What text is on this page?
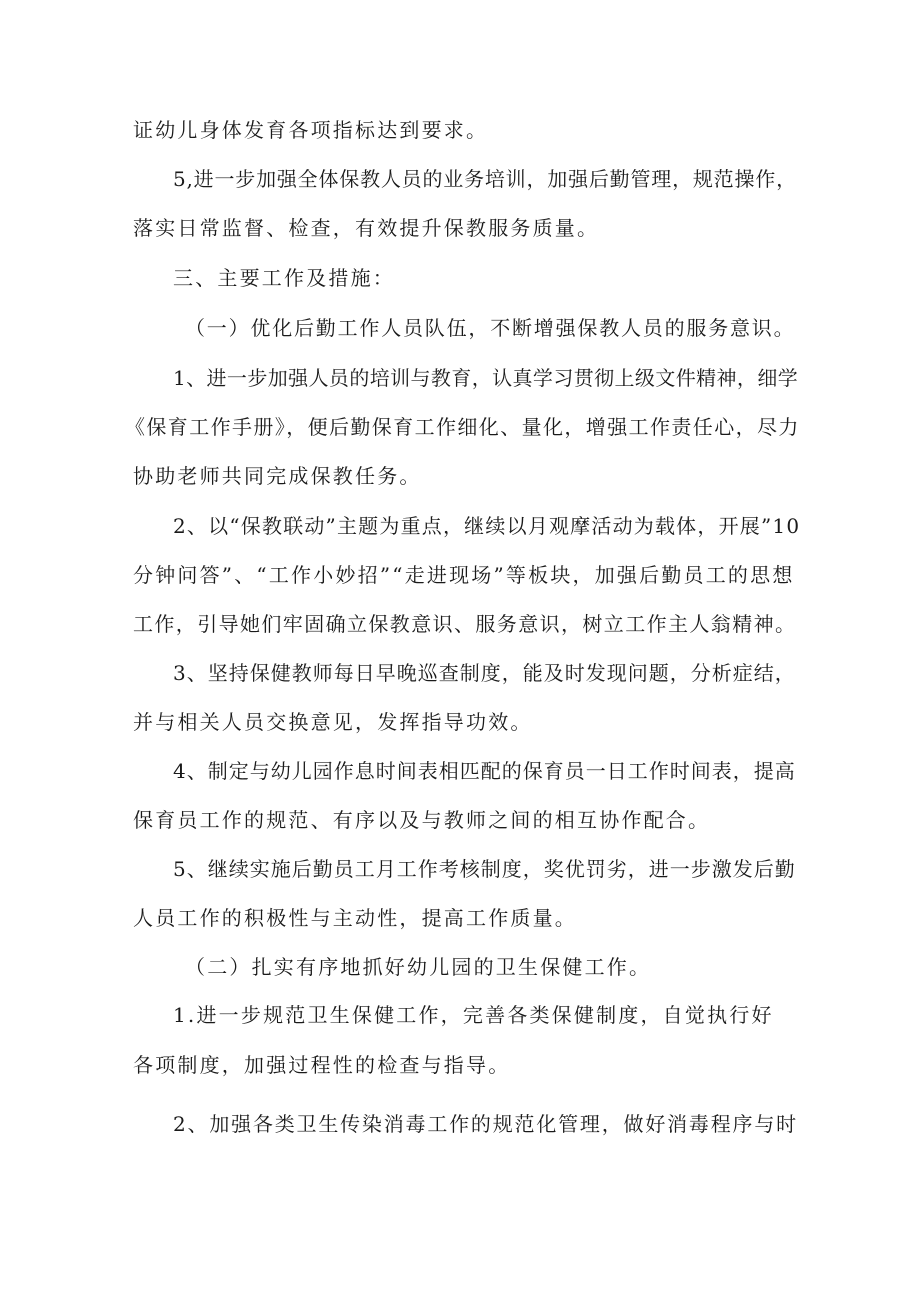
证幼儿身体发育各项指标达到要求。
5,进一步加强全体保教人员的业务培训，加强后勤管理，规范操作，
落实日常监督、检查，有效提升保教服务质量。
三、主要工作及措施：
（一）优化后勤工作人员队伍，不断增强保教人员的服务意识。
1、进一步加强人员的培训与教育，认真学习贯彻上级文件精神，细学
《保育工作手册》，便后勤保育工作细化、量化，增强工作责任心，尽力
协助老师共同完成保教任务。
2、以“保教联动”主题为重点，继续以月观摩活动为载体，开展”10
分钟问答”、“工作小妙招”“走进现场”等板块，加强后勤员工的思想
工作，引导她们牢固确立保教意识、服务意识，树立工作主人翁精神。
3、坚持保健教师每日早晚巡查制度，能及时发现问题，分析症结，
并与相关人员交换意见，发挥指导功效。
4、制定与幼儿园作息时间表相匹配的保育员一日工作时间表，提高
保育员工作的规范、有序以及与教师之间的相互协作配合。
5、继续实施后勤员工月工作考核制度，奖优罚劣，进一步激发后勤
人员工作的积极性与主动性，提高工作质量。
（二）扎实有序地抓好幼儿园的卫生保健工作。
1.进一步规范卫生保健工作，完善各类保健制度，自觉执行好
各项制度，加强过程性的检查与指导。
2、加强各类卫生传染消毒工作的规范化管理，做好消毒程序与时
